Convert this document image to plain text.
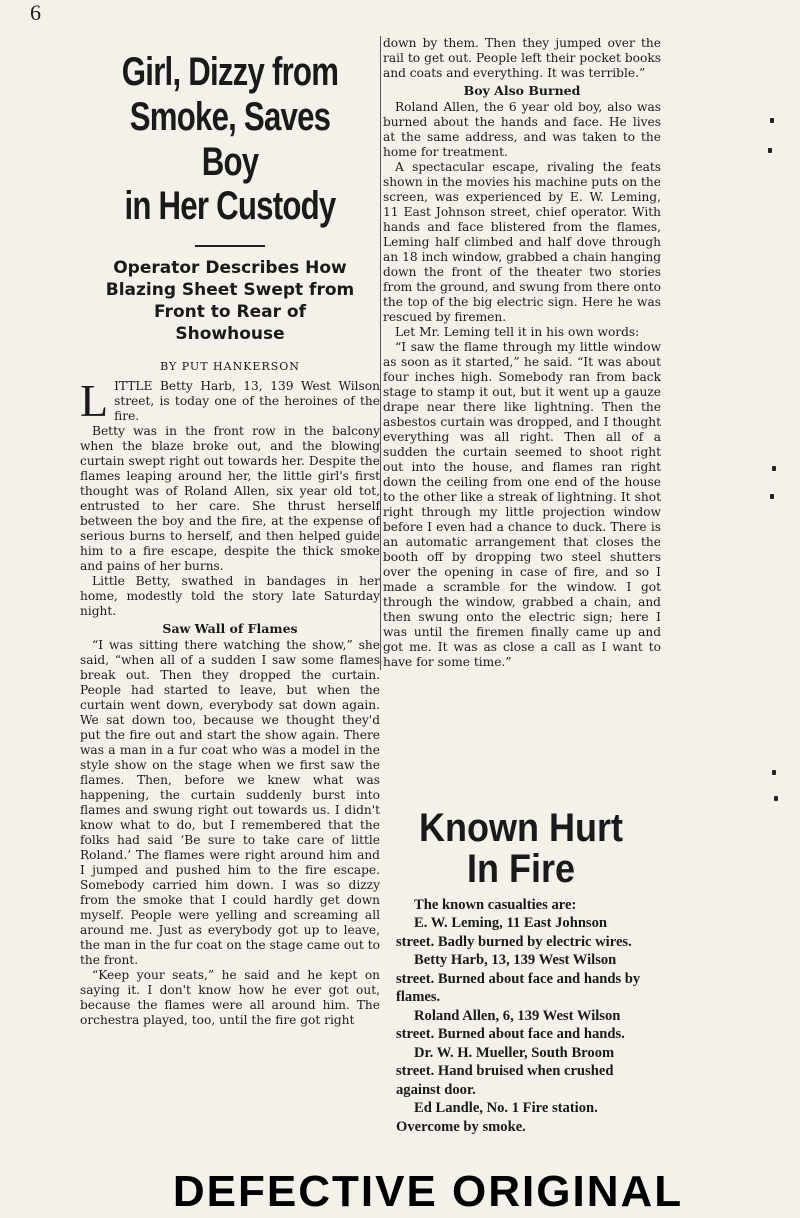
6
Girl, Dizzy from
Smoke, Saves Boy
in Her Custody
Operator Describes How
Blazing Sheet Swept from
Front to Rear of
Showhouse
BY PUT HANKERSON

LITTLE Betty Harb, 13, 139 West Wilson street, is today one of the heroines of the fire.

Betty was in the front row in the balcony when the blaze broke out, and the blowing curtain swept right out towards her. Despite the flames leaping around her, the little girl's first thought was of Roland Allen, six year old tot, entrusted to her care. She thrust herself between the boy and the fire, at the expense of serious burns to herself, and then helped guide him to a fire escape, despite the thick smoke and pains of her burns.

Little Betty, swathed in bandages in her home, modestly told the story late Saturday night.

Saw Wall of Flames

“I was sitting there watching the show,” she said, “when all of a sudden I saw some flames break out. Then they dropped the curtain. People had started to leave, but when the curtain went down, everybody sat down again. We sat down too, because we thought they'd put the fire out and start the show again. There was a man in a fur coat who was a model in the style show on the stage when we first saw the flames. Then, before we knew what was happening, the curtain suddenly burst into flames and swung right out towards us. I didn't know what to do, but I remembered that the folks had said ‘Be sure to take care of little Roland.’ The flames were right around him and I jumped and pushed him to the fire escape. Somebody carried him down. I was so dizzy from the smoke that I could hardly get down myself. People were yelling and screaming all around me. Just as everybody got up to leave, the man in the fur coat on the stage came out to the front.

“Keep your seats,” he said and he kept on saying it. I don't know how he ever got out, because the flames were all around him. The orchestra played, too, until the fire got right

down by them. Then they jumped over the rail to get out. People left their pocket books and coats and everything. It was terrible.”

Boy Also Burned

Roland Allen, the 6 year old boy, also was burned about the hands and face. He lives at the same address, and was taken to the home for treatment.

A spectacular escape, rivaling the feats shown in the movies his machine puts on the screen, was experienced by E. W. Leming, 11 East Johnson street, chief operator. With hands and face blistered from the flames, Leming half climbed and half dove through an 18 inch window, grabbed a chain hanging down the front of the theater two stories from the ground, and swung from there onto the top of the big electric sign. Here he was rescued by firemen.

Let Mr. Leming tell it in his own words:

“I saw the flame through my little window as soon as it started,” he said. “It was about four inches high. Somebody ran from back stage to stamp it out, but it went up a gauze drape near there like lightning. Then the asbestos curtain was dropped, and I thought everything was all right. Then all of a sudden the curtain seemed to shoot right out into the house, and flames ran right down the ceiling from one end of the house to the other like a streak of lightning. It shot right through my little projection window before I even had a chance to duck. There is an automatic arrangement that closes the booth off by dropping two steel shutters over the opening in case of fire, and so I made a scramble for the window. I got through the window, grabbed a chain, and then swung onto the electric sign; here I was until the firemen finally came up and got me. It was as close a call as I want to have for some time.”

Known Hurt
In Fire

The known casualties are:

E. W. Leming, 11 East Johnson street. Badly burned by electric wires.

Betty Harb, 13, 139 West Wilson street. Burned about face and hands by flames.

Roland Allen, 6, 139 West Wilson street. Burned about face and hands.

Dr. W. H. Mueller, South Broom street. Hand bruised when crushed against door.

Ed Landle, No. 1 Fire station. Overcome by smoke.

DEFECTIVE ORIGINAL
